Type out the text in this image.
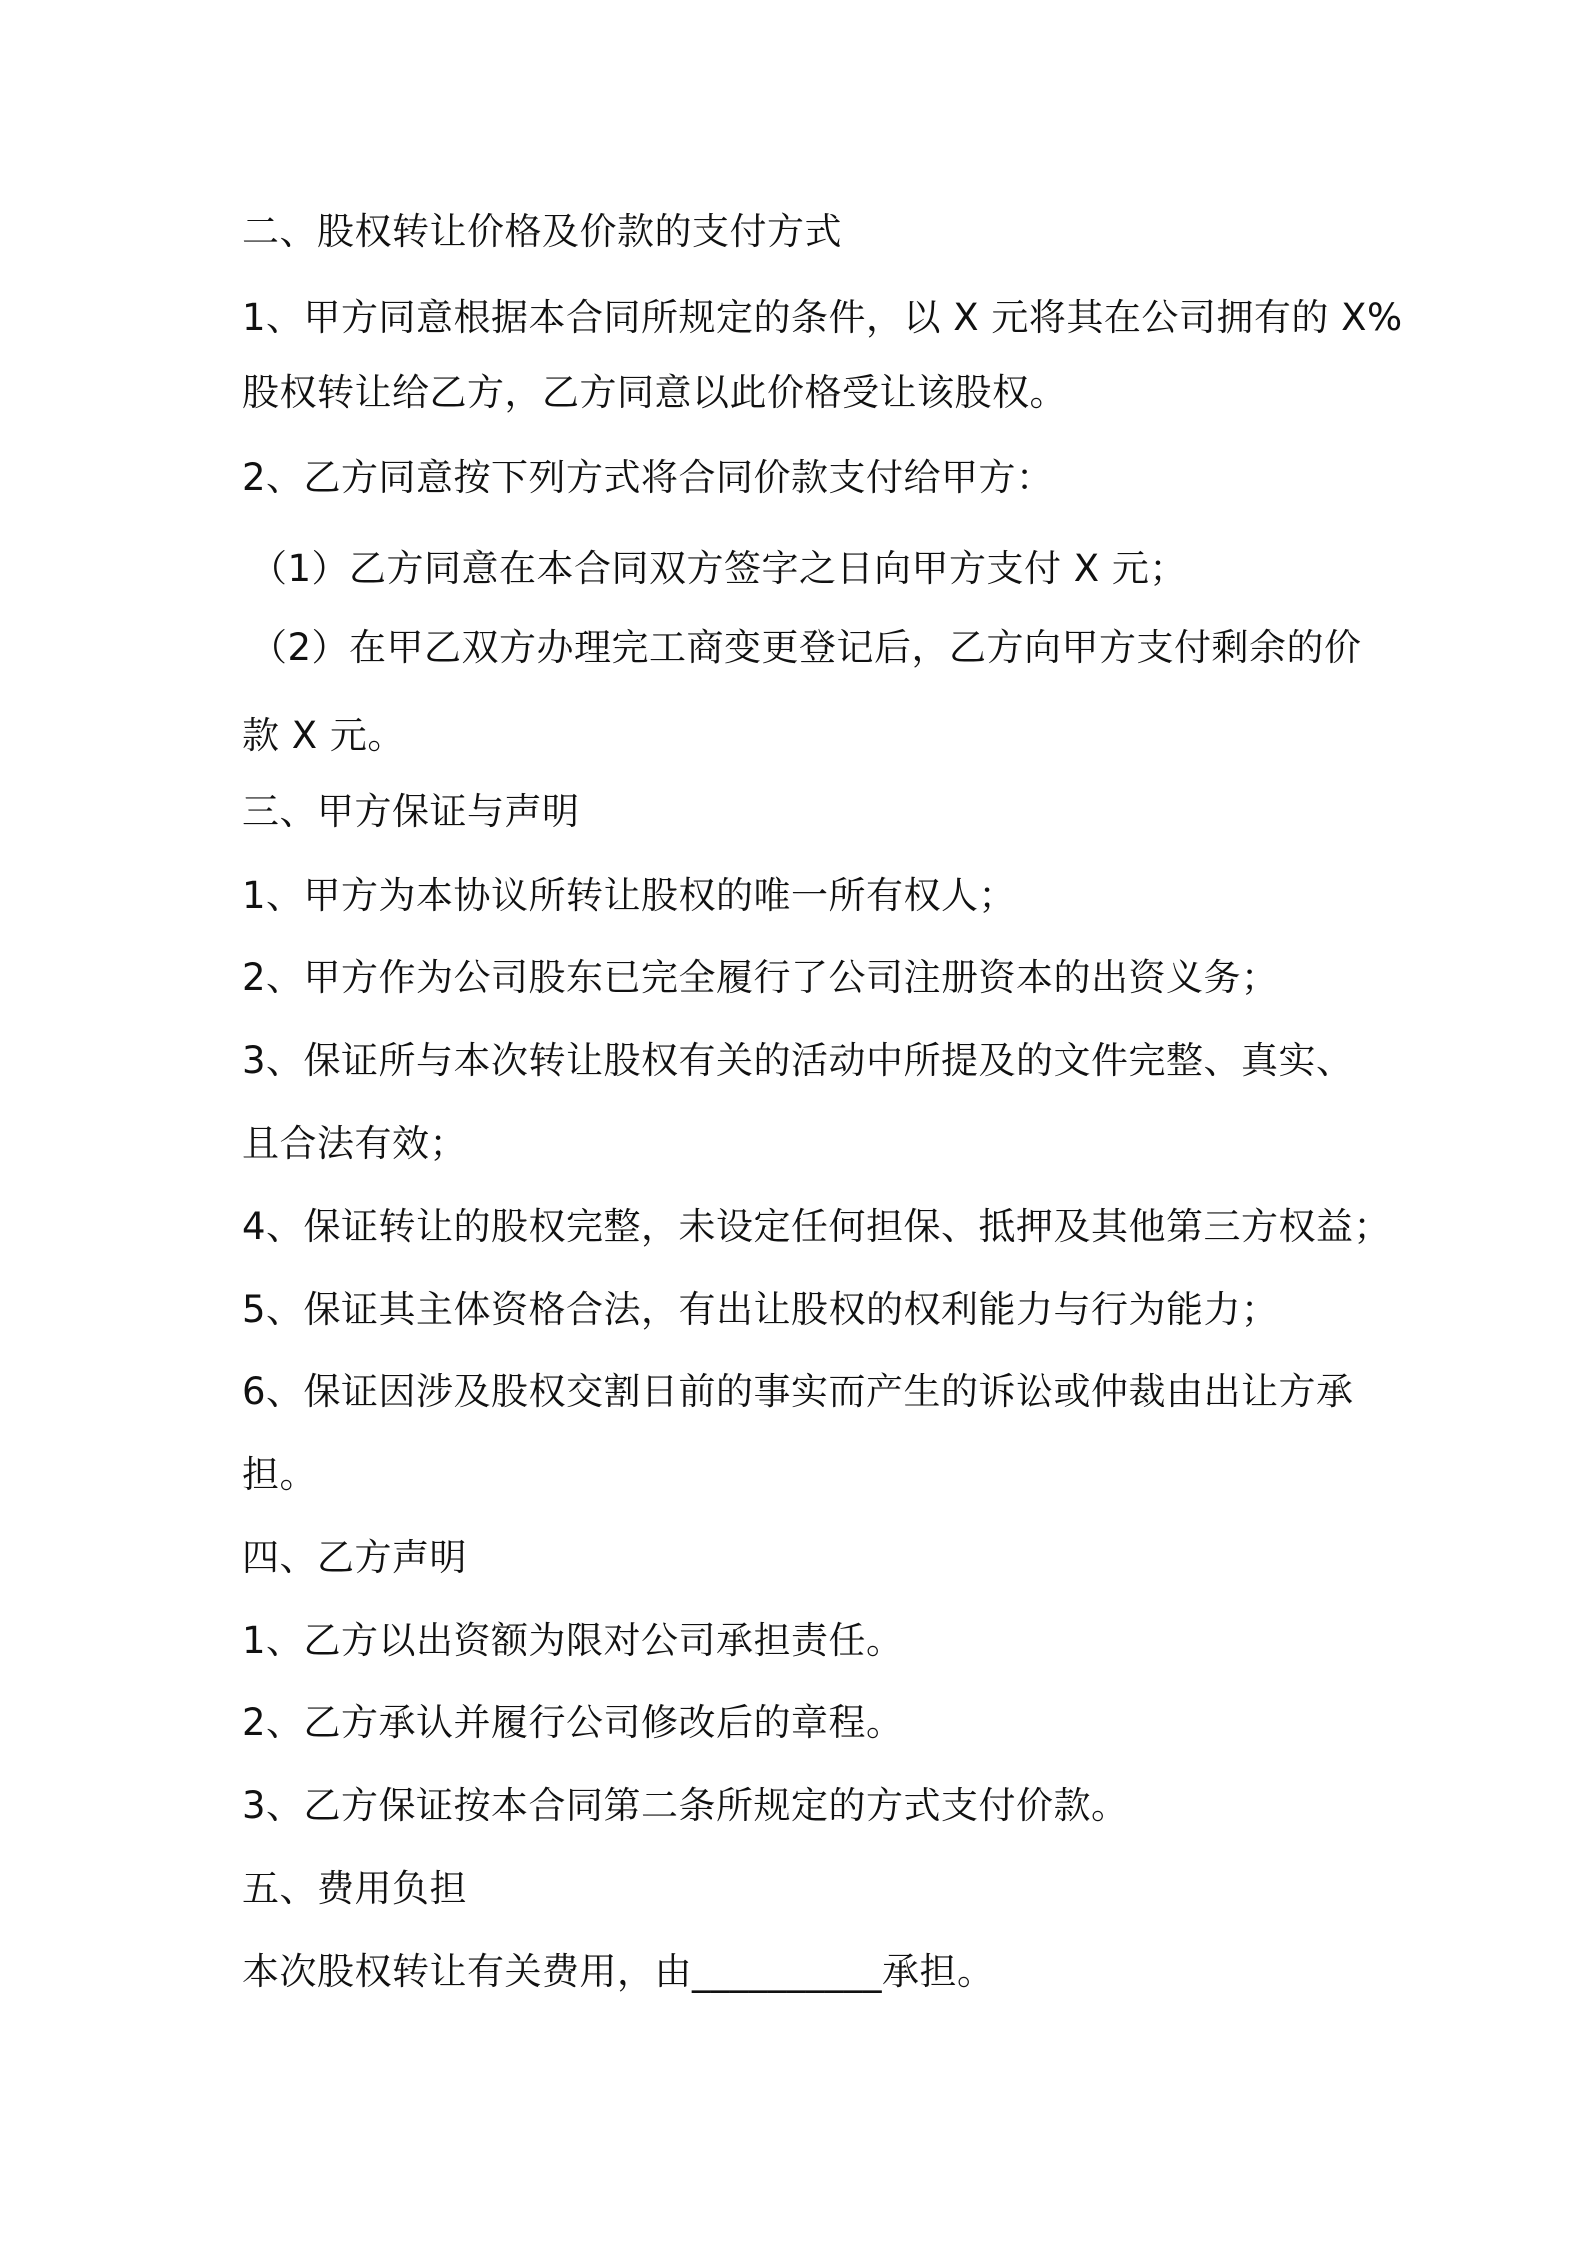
二、股权转让价格及价款的支付方式
1、甲方同意根据本合同所规定的条件，以 X 元将其在公司拥有的 X%
股权转让给乙方，乙方同意以此价格受让该股权。
2、乙方同意按下列方式将合同价款支付给甲方：
（1）乙方同意在本合同双方签字之日向甲方支付 X 元；
（2）在甲乙双方办理完工商变更登记后，乙方向甲方支付剩余的价
款 X 元。
三、甲方保证与声明
1、甲方为本协议所转让股权的唯一所有权人；
2、甲方作为公司股东已完全履行了公司注册资本的出资义务；
3、保证所与本次转让股权有关的活动中所提及的文件完整、真实、
且合法有效；
4、保证转让的股权完整，未设定任何担保、抵押及其他第三方权益；
5、保证其主体资格合法，有出让股权的权利能力与行为能力；
6、保证因涉及股权交割日前的事实而产生的诉讼或仲裁由出让方承
担。
四、乙方声明
1、乙方以出资额为限对公司承担责任。
2、乙方承认并履行公司修改后的章程。
3、乙方保证按本合同第二条所规定的方式支付价款。
五、费用负担
本次股权转让有关费用，由__________承担。
